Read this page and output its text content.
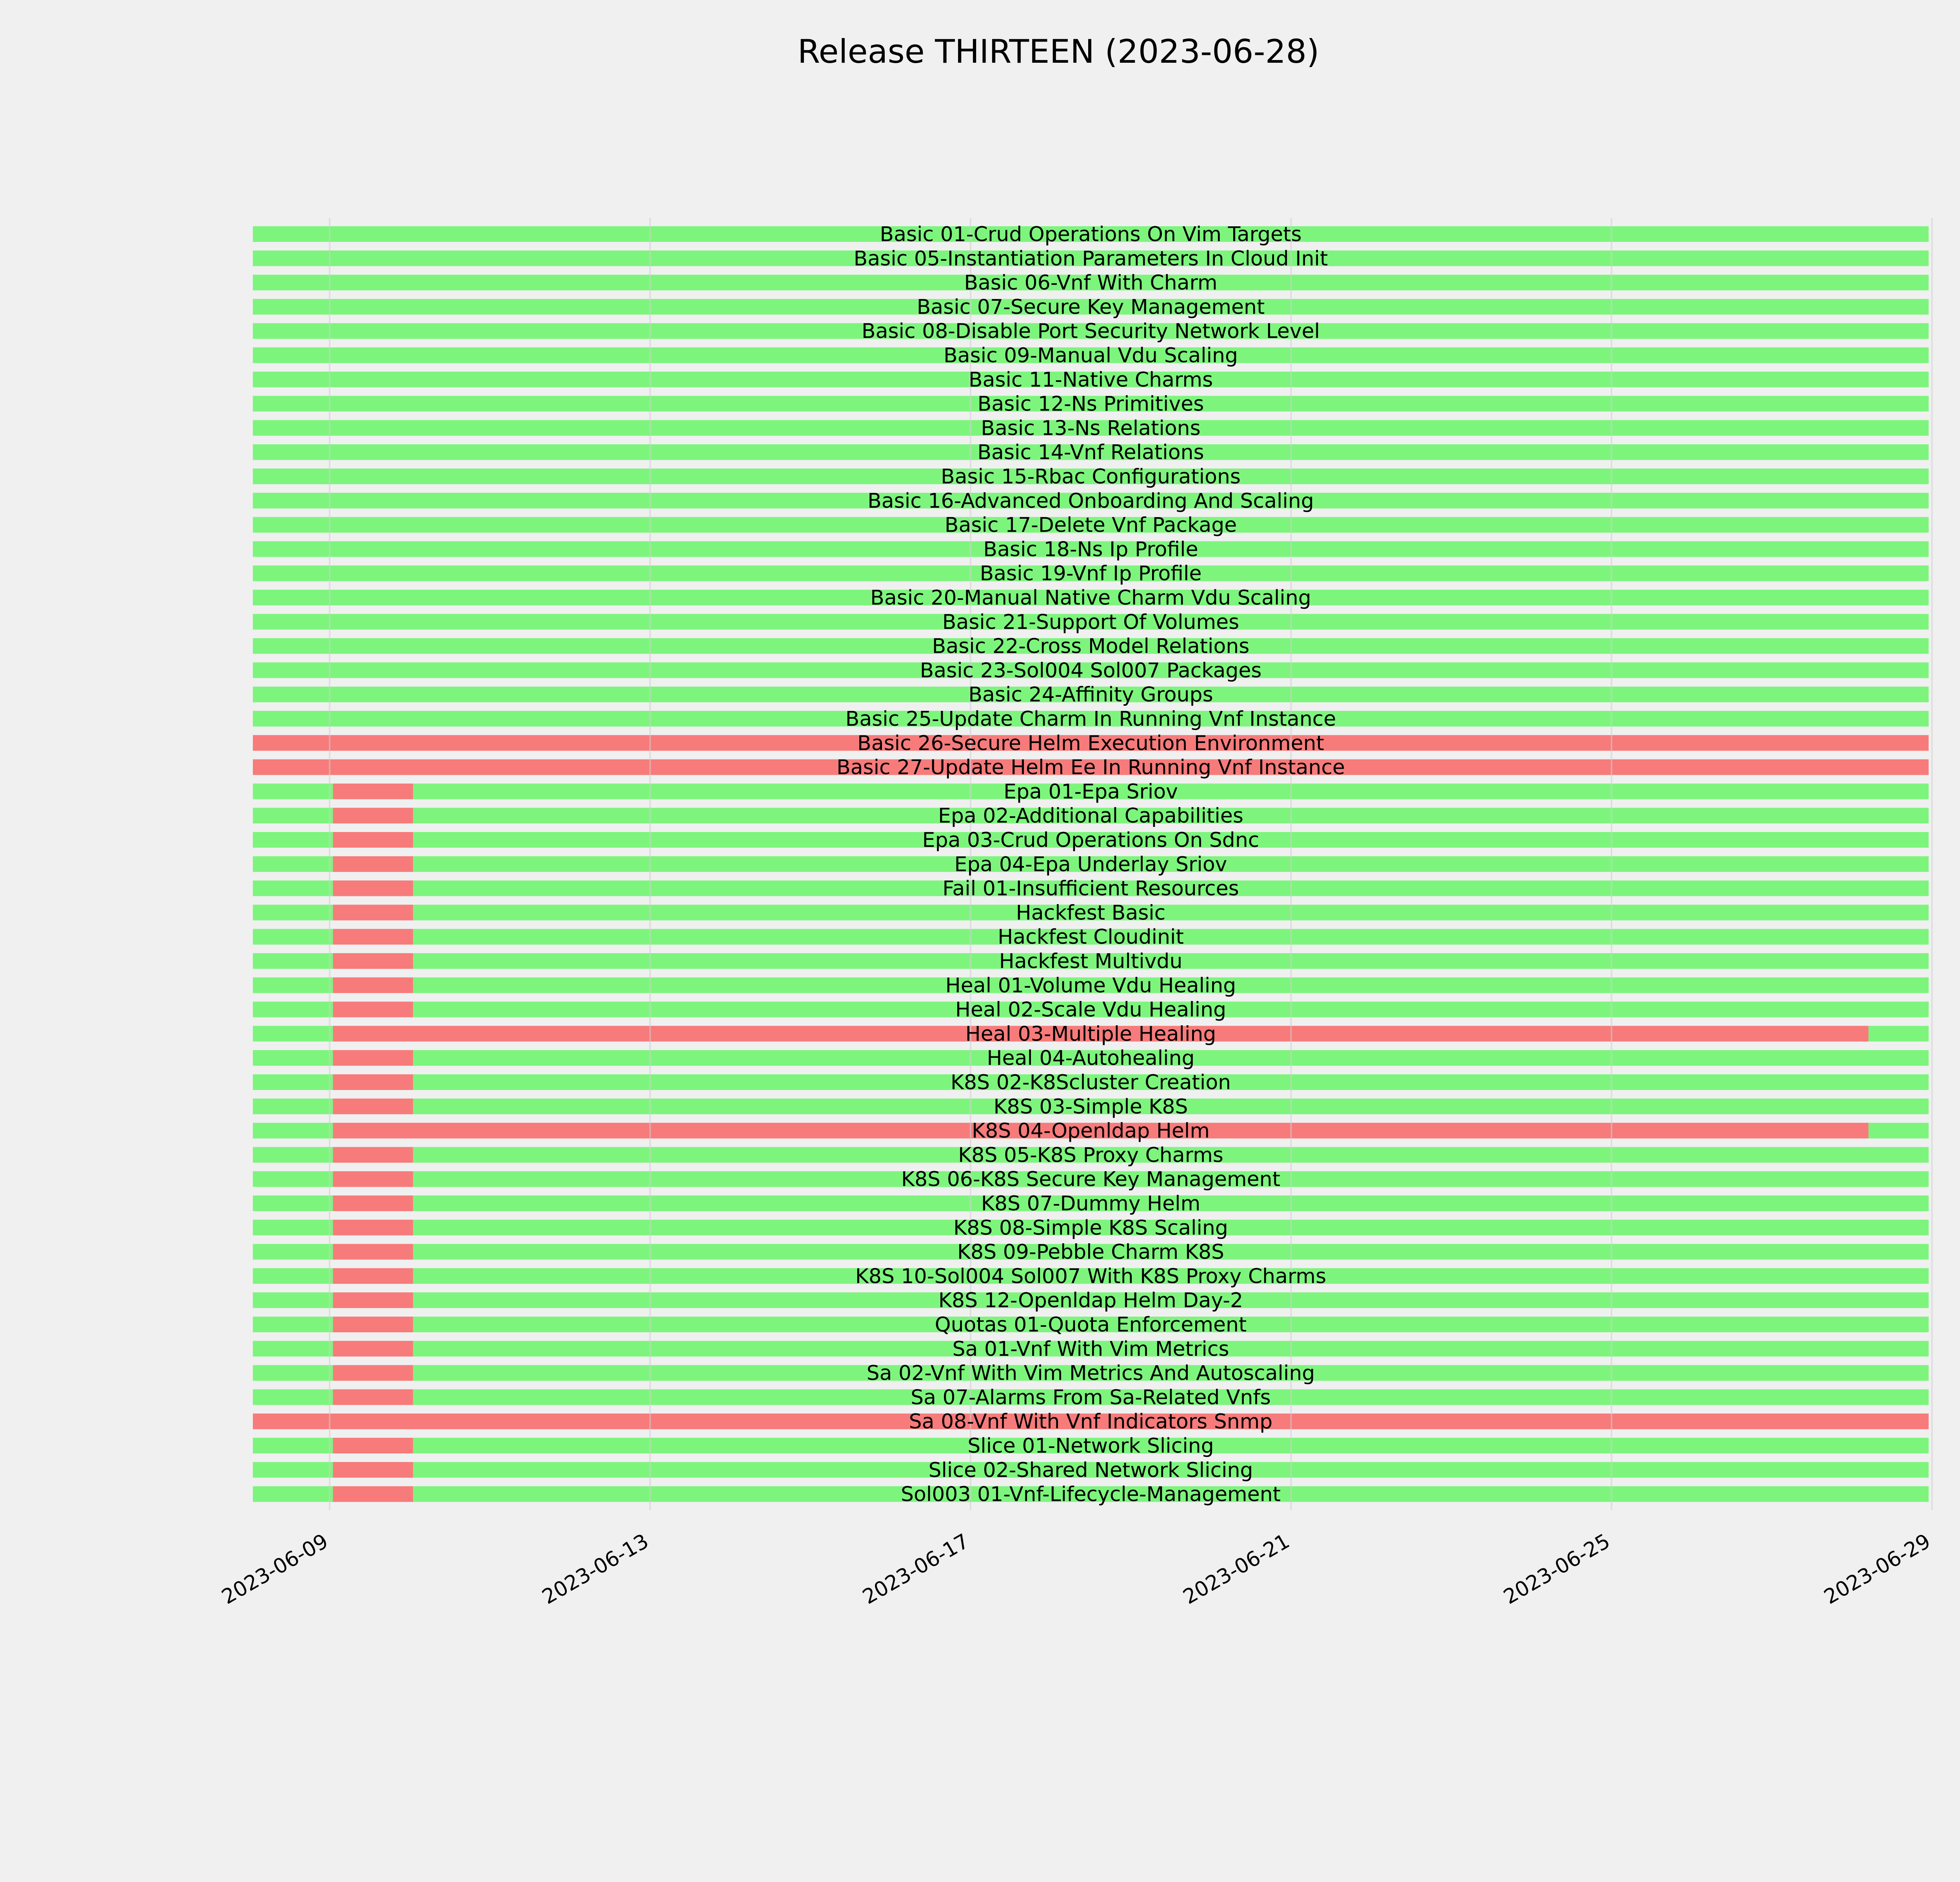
Release THIRTEEN (2023-06-28)
Basic 01-Crud Operations On Vim Targets
Basic 05-Instantiation Parameters In Cloud Init
Basic 06-Vnf With Charm
Basic 07-Secure Key Management
Basic 08-Disable Port Security Network Level
Basic 09-Manual Vdu Scaling
Basic 11-Native Charms
Basic 12-Ns Primitives
Basic 13-Ns Relations
Basic 14-Vnf Relations
Basic 15-Rbac Configurations
Basic 16-Advanced Onboarding And Scaling
Basic 17-Delete Vnf Package
Basic 18-Ns Ip Profile
Basic 19-Vnf Ip Profile
Basic 20-Manual Native Charm Vdu Scaling
Basic 21-Support Of Volumes
Basic 22-Cross Model Relations
Basic 23-Sol004 Sol007 Packages
Basic 24-Affinity Groups
Basic 25-Update Charm In Running Vnf Instance
Basic 26-Secure Helm Execution Environment
Basic 27-Update Helm Ee In Running Vnf Instance
Epa 01-Epa Sriov
Epa 02-Additional Capabilities
Epa 03-Crud Operations On Sdnc
Epa 04-Epa Underlay Sriov
Fail 01-Insufficient Resources
Hackfest Basic
Hackfest Cloudinit
Hackfest Multivdu
Heal 01-Volume Vdu Healing
Heal 02-Scale Vdu Healing
Heal 03-Multiple Healing
Heal 04-Autohealing
K8S 02-K8Scluster Creation
K8S 03-Simple K8S
K8S 04-Openldap Helm
K8S 05-K8S Proxy Charms
K8S 06-K8S Secure Key Management
K8S 07-Dummy Helm
K8S 08-Simple K8S Scaling
K8S 09-Pebble Charm K8S
K8S 10-Sol004 Sol007 With K8S Proxy Charms
K8S 12-Openldap Helm Day-2
Quotas 01-Quota Enforcement
Sa 01-Vnf With Vim Metrics
Sa 02-Vnf With Vim Metrics And Autoscaling
Sa 07-Alarms From Sa-Related Vnfs
Sa 08-Vnf With Vnf Indicators Snmp
Slice 01-Network Slicing
Slice 02-Shared Network Slicing
Sol003 01-Vnf-Lifecycle-Management
2023-06-09	2023-06-13	2023-06-17	2023-06-21	2023-06-25	2023-06-29
